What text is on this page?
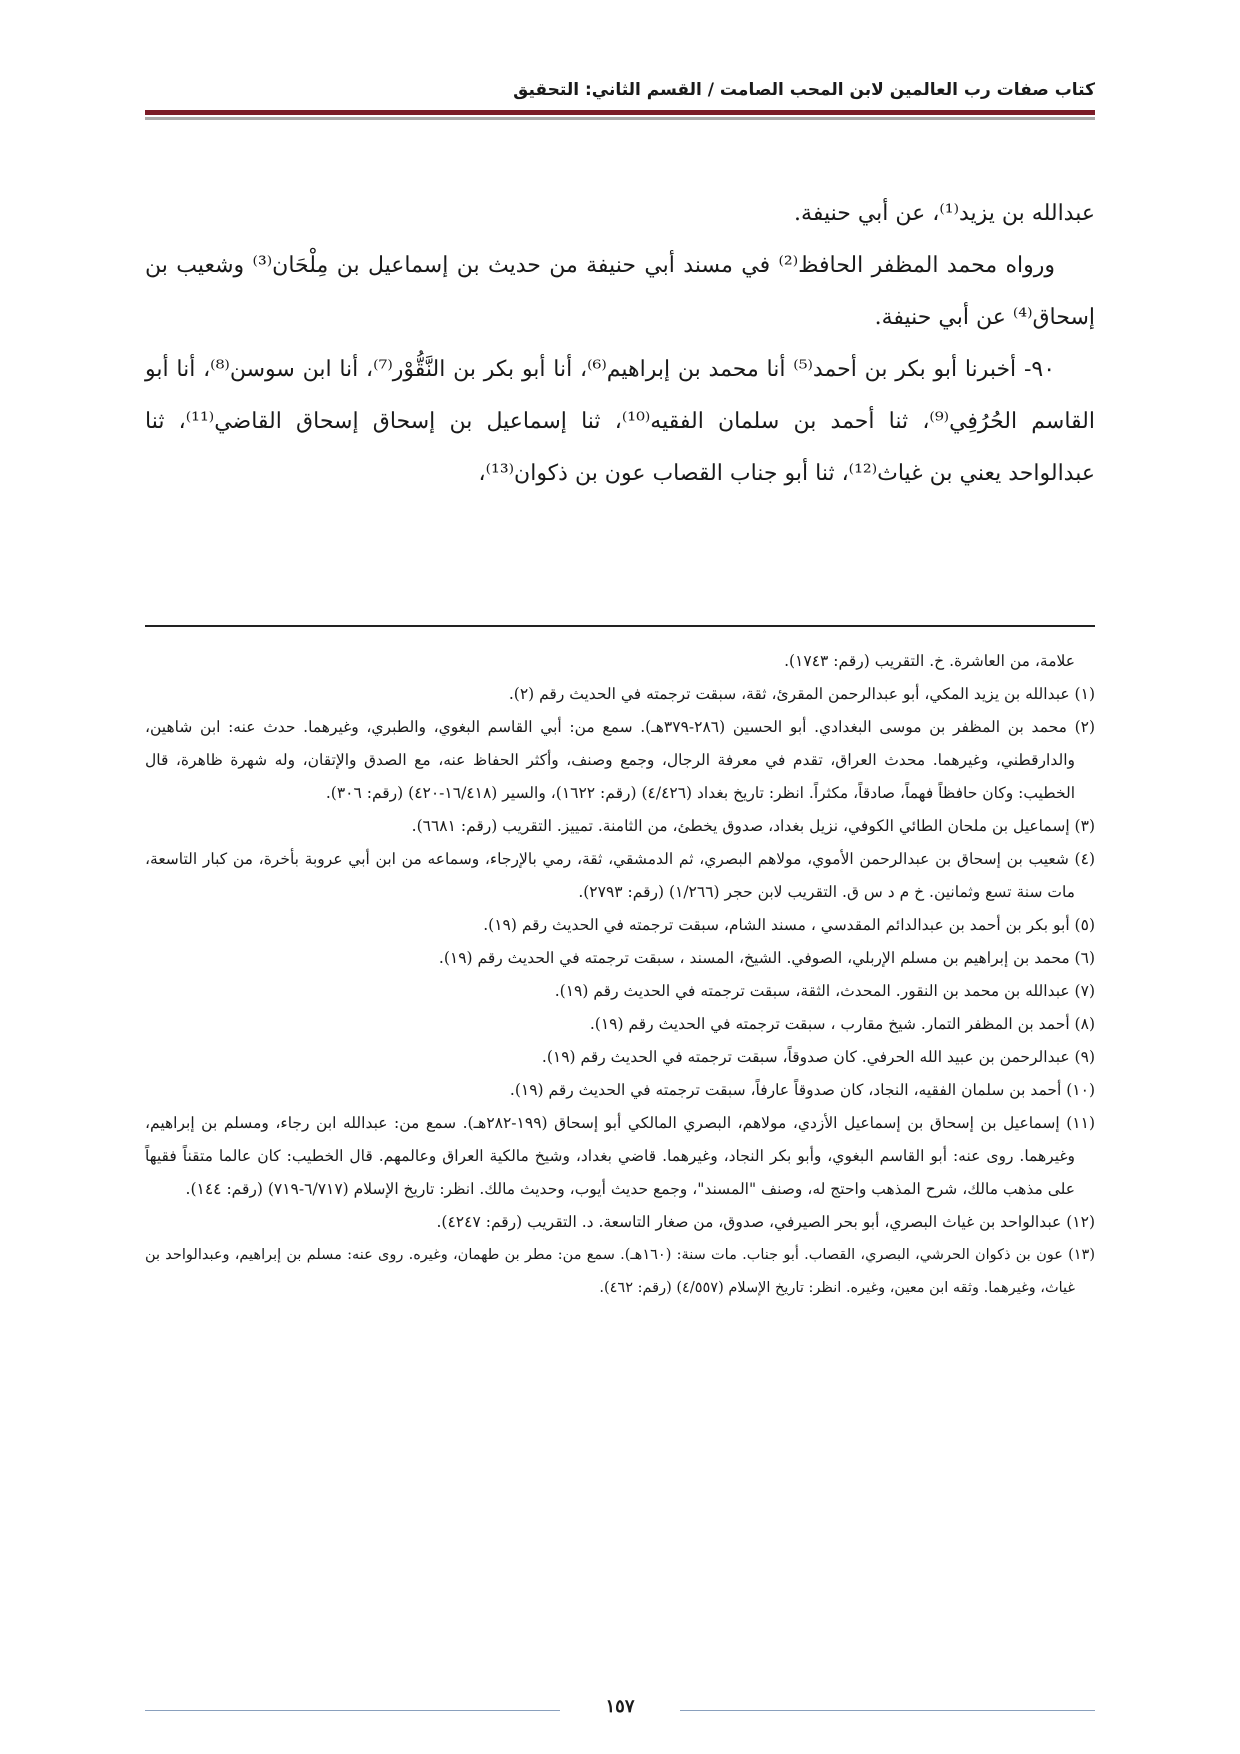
كتاب صفات رب العالمين لابن المحب الصامت / القسم الثاني: التحقيق

عبدالله بن يزيد⁽¹⁾، عن أبي حنيفة.

ورواه محمد المظفر الحافظ⁽²⁾ في مسند أبي حنيفة من حديث بن إسماعيل بن مِلْحَان⁽³⁾ وشعيب بن إسحاق⁽⁴⁾ عن أبي حنيفة.

٩٠- أخبرنا أبو بكر بن أحمد⁽⁵⁾ أنا محمد بن إبراهيم⁽⁶⁾، أنا أبو بكر بن النَّقُّوْر⁽⁷⁾، أنا ابن سوسن⁽⁸⁾، أنا أبو القاسم الحُرُفِي⁽⁹⁾، ثنا أحمد بن سلمان الفقيه⁽¹⁰⁾، ثنا إسماعيل بن إسحاق إسحاق القاضي⁽¹¹⁾، ثنا عبدالواحد يعني بن غياث⁽¹²⁾، ثنا أبو جناب القصاب عون بن ذكوان⁽¹³⁾،

علامة، من العاشرة. خ. التقريب (رقم: ١٧٤٣).

(١) عبدالله بن يزيد المكي، أبو عبدالرحمن المقرئ، ثقة، سبقت ترجمته في الحديث رقم (٢).

(٢) محمد بن المظفر بن موسى البغدادي. أبو الحسين (٢٨٦-٣٧٩هـ). سمع من: أبي القاسم البغوي، والطبري، وغيرهما. حدث عنه: ابن شاهين، والدارقطني، وغيرهما. محدث العراق، تقدم في معرفة الرجال، وجمع وصنف، وأكثر الحفاظ عنه، مع الصدق والإتقان، وله شهرة ظاهرة، قال الخطيب: وكان حافظاً فهماً، صادقاً، مكثراً. انظر: تاريخ بغداد (٤/٤٢٦) (رقم: ١٦٢٢)، والسير (١٦/٤١٨-٤٢٠) (رقم: ٣٠٦).

(٣) إسماعيل بن ملحان الطائي الكوفي، نزيل بغداد، صدوق يخطئ، من الثامنة. تمييز. التقريب (رقم: ٦٦٨١).

(٤) شعيب بن إسحاق بن عبدالرحمن الأموي، مولاهم البصري، ثم الدمشقي، ثقة، رمي بالإرجاء، وسماعه من ابن أبي عروبة بأخرة، من كبار التاسعة، مات سنة تسع وثمانين. خ م د س ق. التقريب لابن حجر (١/٢٦٦) (رقم: ٢٧٩٣).

(٥) أبو بكر بن أحمد بن عبدالدائم المقدسي ، مسند الشام، سبقت ترجمته في الحديث رقم (١٩).

(٦) محمد بن إبراهيم بن مسلم الإربلي، الصوفي. الشيخ، المسند ، سبقت ترجمته في الحديث رقم (١٩).

(٧) عبدالله بن محمد بن النقور. المحدث، الثقة، سبقت ترجمته في الحديث رقم (١٩).

(٨) أحمد بن المظفر التمار. شيخ مقارب ، سبقت ترجمته في الحديث رقم (١٩).

(٩) عبدالرحمن بن عبيد الله الحرفي. كان صدوقاً، سبقت ترجمته في الحديث رقم (١٩).

(١٠) أحمد بن سلمان الفقيه، النجاد، كان صدوقاً عارفاً، سبقت ترجمته في الحديث رقم (١٩).

(١١) إسماعيل بن إسحاق بن إسماعيل الأزدي، مولاهم، البصري المالكي أبو إسحاق (١٩٩-٢٨٢هـ). سمع من: عبدالله ابن رجاء، ومسلم بن إبراهيم، وغيرهما. روى عنه: أبو القاسم البغوي، وأبو بكر النجاد، وغيرهما. قاضي بغداد، وشيخ مالكية العراق وعالمهم. قال الخطيب: كان عالما متقناً فقيهاً على مذهب مالك، شرح المذهب واحتج له، وصنف "المسند"، وجمع حديث أيوب، وحديث مالك. انظر: تاريخ الإسلام (٦/٧١٧-٧١٩) (رقم: ١٤٤).

(١٢) عبدالواحد بن غياث البصري، أبو بحر الصيرفي، صدوق، من صغار التاسعة. د. التقريب (رقم: ٤٢٤٧).

(١٣) عون بن ذكوان الحرشي، البصري، القصاب. أبو جناب. مات سنة: (١٦٠هـ). سمع من: مطر بن طهمان، وغيره. روى عنه: مسلم بن إبراهيم، وعبدالواحد بن غياث، وغيرهما. وثقه ابن معين، وغيره. انظر: تاريخ الإسلام (٤/٥٥٧) (رقم: ٤٦٢).

١٥٧
